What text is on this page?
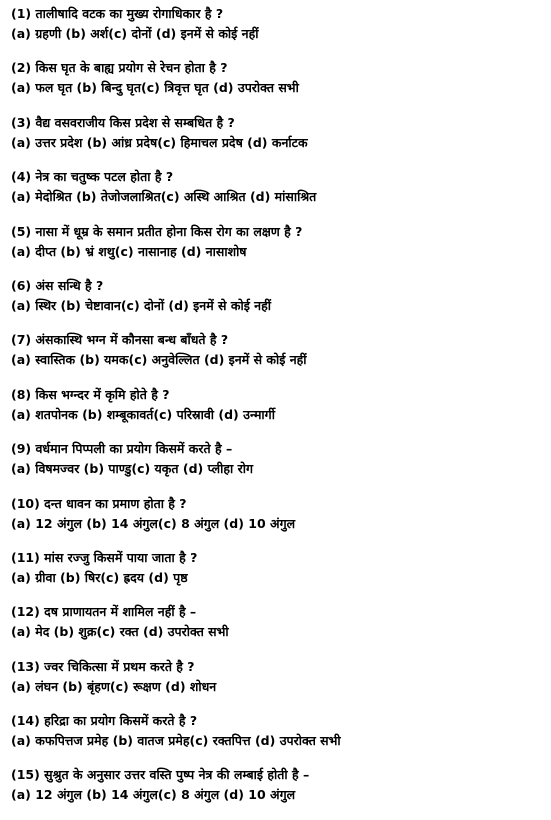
(1) तालीषादि वटक का मुख्य रोगाधिकार है ?
(a) ग्रहणी (b) अर्श(c) दोनों (d) इनमें से कोई नहीं
(2) किस घृत के बाह्य प्रयोग से रेचन होता है ?
(a) फल घृत (b) बिन्दु घृत(c) त्रिवृत्त घृत (d) उपरोक्त सभी
(3) वैद्य वसवराजीय किस प्रदेश से सम्बधित है ?
(a) उत्तर प्रदेश (b) आंध्र प्रदेष(c) हिमाचल प्रदेष (d) कर्नाटक
(4) नेत्र का चतुष्क पटल होता है ?
(a) मेदोश्रित (b) तेजोजलाश्रित(c) अस्थि आश्रित (d) मांसाश्रित
(5) नासा में धूम्र के समान प्रतीत होना किस रोग का लक्षण है ?
(a) दीप्त (b) भ्रं शथु(c) नासानाह (d) नासाशोष
(6) अंस सन्धि है ?
(a) स्थिर (b) चेष्टावान(c) दोनों (d) इनमें से कोई नहीं
(7) अंसकास्थि भग्न में कौनसा बन्ध बाँधते है ?
(a) स्वास्तिक (b) यमक(c) अनुवेल्लित (d) इनमें से कोई नहीं
(8) किस भग्न्दर में कृमि होते है ?
(a) शतपोनक (b) शम्बूकावर्त(c) परिस्रावी (d) उन्मार्गी
(9) वर्धमान पिप्पली का प्रयोग किसमें करते है –
(a) विषमज्वर (b) पाण्डु(c) यकृत (d) प्लीहा रोग
(10) दन्त धावन का प्रमाण होता है ?
(a) 12 अंगुल (b) 14 अंगुल(c) 8 अंगुल (d) 10 अंगुल
(11) मांस रज्जु किसमें पाया जाता है ?
(a) ग्रीवा (b) षिर(c) ह्रदय (d) पृष्ठ
(12) दष प्राणायतन में शामिल नहीं है –
(a) मेद (b) शुक्र(c) रक्त (d) उपरोक्त सभी
(13) ज्वर चिकित्सा में प्रथम करते है ?
(a) लंघन (b) बृंहण(c) रूक्षण (d) शोधन
(14) हरिद्रा का प्रयोग किसमें करते है ?
(a) कफपित्तज प्रमेह (b) वातज प्रमेह(c) रक्तपित्त (d) उपरोक्त सभी
(15) सुश्रुत के अनुसार उत्तर वस्ति पुष्प नेत्र की लम्बाई होती है –
(a) 12 अंगुल (b) 14 अंगुल(c) 8 अंगुल (d) 10 अंगुल
